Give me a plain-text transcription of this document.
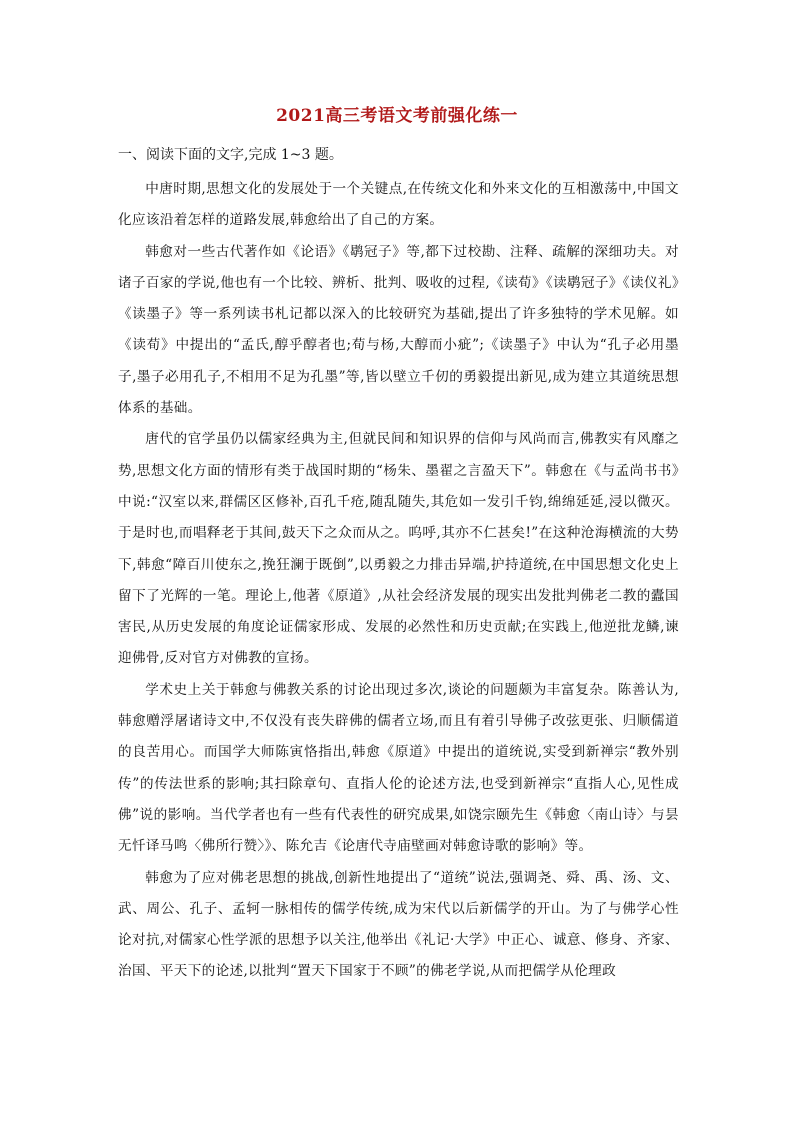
2021高三考语文考前强化练一
一、阅读下面的文字,完成 1~3 题。

中唐时期,思想文化的发展处于一个关键点,在传统文化和外来文化的互相激荡中,中国文化应该沿着怎样的道路发展,韩愈给出了自己的方案。

韩愈对一些古代著作如《论语》《鹖冠子》等,都下过校勘、注释、疏解的深细功夫。对诸子百家的学说,他也有一个比较、辨析、批判、吸收的过程,《读荀》《读鹖冠子》《读仪礼》《读墨子》等一系列读书札记都以深入的比较研究为基础,提出了许多独特的学术见解。如《读荀》中提出的“孟氏,醇乎醇者也;荀与杨,大醇而小疵”;《读墨子》中认为“孔子必用墨子,墨子必用孔子,不相用不足为孔墨”等,皆以壁立千仞的勇毅提出新见,成为建立其道统思想体系的基础。

唐代的官学虽仍以儒家经典为主,但就民间和知识界的信仰与风尚而言,佛教实有风靡之势,思想文化方面的情形有类于战国时期的“杨朱、墨翟之言盈天下”。韩愈在《与孟尚书书》中说:“汉室以来,群儒区区修补,百孔千疮,随乱随失,其危如一发引千钧,绵绵延延,浸以微灭。于是时也,而唱释老于其间,鼓天下之众而从之。呜呼,其亦不仁甚矣!”在这种沧海横流的大势下,韩愈“障百川使东之,挽狂澜于既倒”,以勇毅之力排击异端,护持道统,在中国思想文化史上留下了光辉的一笔。理论上,他著《原道》,从社会经济发展的现实出发批判佛老二教的蠹国害民,从历史发展的角度论证儒家形成、发展的必然性和历史贡献;在实践上,他逆批龙鳞,谏迎佛骨,反对官方对佛教的宣扬。

学术史上关于韩愈与佛教关系的讨论出现过多次,谈论的问题颇为丰富复杂。陈善认为,韩愈赠浮屠诸诗文中,不仅没有丧失辟佛的儒者立场,而且有着引导佛子改弦更张、归顺儒道的良苦用心。而国学大师陈寅恪指出,韩愈《原道》中提出的道统说,实受到新禅宗“教外别传”的传法世系的影响;其扫除章句、直指人伦的论述方法,也受到新禅宗“直指人心,见性成佛”说的影响。当代学者也有一些有代表性的研究成果,如饶宗颐先生《韩愈〈南山诗〉与昙无忏译马鸣〈佛所行赞〉》、陈允吉《论唐代寺庙壁画对韩愈诗歌的影响》等。

韩愈为了应对佛老思想的挑战,创新性地提出了“道统”说法,强调尧、舜、禹、汤、文、武、周公、孔子、孟轲一脉相传的儒学传统,成为宋代以后新儒学的开山。为了与佛学心性论对抗,对儒家心性学派的思想予以关注,他举出《礼记·大学》中正心、诚意、修身、齐家、治国、平天下的论述,以批判“置天下国家于不顾”的佛老学说,从而把儒学从伦理政
